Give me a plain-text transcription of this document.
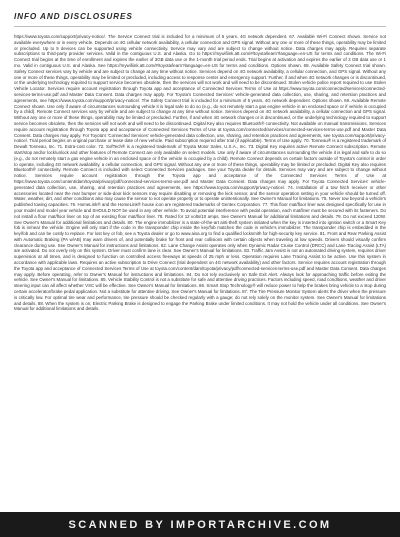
INFO AND DISCLOSURES

https://www.toyota.com/support/privacy-notice/. The Service Connect trial is included for a minimum of 5 years. 4G network dependent. 67. Available Wi-Fi Connect shown. Service not available everywhere or in every vehicle. Depends on 4G cellular network availability, a cellular connection and GPS signal. Without any one or more of these things, operability may be limited or precluded. Up to 5 devices can be supported using vehicle connectivity. Service may vary and are subject to change without notice. Data charges may apply. Requires separate subscriptions to third-party provider services. Valid in the contiguous U.S. and Alaska. Go to https://mywifiink.att.com/#/toyota/learn?language=en-US for terms and conditions. The Wi-Fi Connect trial begins at the time of enrollment and expires the earlier of 3GB data use or the 1-month trial period ends. Trial begins at activation and expires the earlier of 3 GB data use or 1 mo. Valid in contiguous U.S. and Alaska. See https://mywifiink.att.com/#/toyota/learn?language=en-US for terms and conditions. Options shown. 68. Available Safety Connect trial shown. Safety Connect services vary by vehicle and are subject to change at any time without notice. Services depend on 4G network availability, a cellular connection, and GPS signal. Without any one or more of these things, operability may be limited or precluded, including access to response center and emergency support. Further, if and when 4G network changes or is discontinued, or the underlying technology required to support service becomes obsolete, then the services will not work and will need to be discontinued. Stolen vehicle police report required to use Stolen Vehicle Locator. Services require account registration through Toyota app and acceptance of Connected Services Terms of Use at https://www.toyota.com/connected/services/connected-services-terms-use.pdf and Master Data Consent. Data charges may apply. For Toyota's Connected Services' vehicle-generated data collection, use, sharing, and retention practices and agreements, see https://www.toyota.com/support/privacy-notice/. The Safety Connect trial is included for a minimum of 5 years, 4G network dependent. Options shown. 69. Available Remote Connect shown. Use only if aware of circumstances surrounding vehicle it is legal safe to do so (e.g., do not remotely start a gas engine vehicle in an enclosed space or if vehicle is occupied by a child). Remote Connect services vary by vehicle and are subject to change at any time without notice. Services depend on 4G network availability, a cellular connection and GPS signal. Without any one or more of these things, operability may be limited or precluded. Further, if and when 4G network changes or is discontinued, or the underlying technology required to support service becomes obsolete, then the services will not work and will need to be discontinued. Digital Key also requires Bluetooth® connectivity. Not available on manual transmissions. Services require account registration through Toyota app and acceptance of Connected Services Terms of Use at toyota.com/connected/services/connected-services-terms-use.pdf and Master Data Consent. Data charges may apply. For Toyota's 'Connected Services' vehicle-generated data collection, use, sharing, and retention practices and agreements, see toyota.com/support/privacy-notice/. Trial period begins on original purchase or lease date of new vehicle. Paid subscription required after trial (if applicable). Terms of Use apply. 70. Tonneau® is a registered trademark of Dewalt Tonneau, Inc. 71. Extra-cost color. 72. SofTech® is a registered trademark of Toyota Motor Sales, U.S.A., Inc. 73. Digital Key requires active Remote Connect subscription. Remote start/stop and/or lock/unlock and other features of Remote Connect are only available on select models. Use only if aware of circumstances surrounding the vehicle it is legal and safe to do so (e.g., do not remotely start a gas engine vehicle in an enclosed space or if the vehicle is occupied by a child). Remote Connect depends on certain factors outside of Toyota's control in order to operate, including 4G network availability, a cellular connection, and GPS signal. Without any one or more of these things, operability may be limited or precluded. Digital Key also requires Bluetooth® connectivity. Remote Connect is included with select Connected Services packages. See your Toyota dealer for details. Services may vary and are subject to change without notice. Services require account registration through the Toyota app and acceptance of the Connected Services Terms of Use at https://www.toyota.com/content/dam/toyota/privacy/pdf/connected-services-terms-use.pdf and Master Data Consent. Data charges may apply. For Toyota Connected Services' vehicle-generated data collection, use, sharing, and retention practices and agreements, see https://www.toyota.com/support/privacy-notice/. 74. Installation of a tow hitch receiver or other accessories located near the rear bumper or side-door kick sensors may require disabling or removing the kick sensor, and the sensor operation setting in your vehicle should be turned off. Water, weather, dirt, and other conditions also may cause the sensor to not operate properly or to operate unintentionally. See Owner's Manual for limitations. 75. Never tow beyond a vehicle's published towing capacities. 76. HomeLink® and the HomeLink® house icon are registered trademarks of Gentex Corporation. 77. This floor mat/floor liner was designed specifically for use in your model and model year vehicle and SHOULD NOT be used in any other vehicle. To avoid potential interference with pedal operation, each mat/liner must be secured with its fasteners. Do not install a floor mat/floor liner on top of an existing floor mat/floor liner. 78. Rated for 12 volts/10 amps. See Owner's Manual for additional limitations and details. 79. Do not exceed 120W. See Owner's Manual for additional limitations and details. 80. The engine immobilizer is a state-of-the-art anti-theft system initiated when the key is inserted into ignition switch or a Smart Key fob is in/near the vehicle. Engine will only start if the code in the transponder chip inside the key/fob matches the code in vehicle's immobilizer. The transponder chip is embedded in the key/fob and can be costly to replace. For lost key or fob, see a Toyota dealer or go to www.aisa.org to find a qualified locksmith for high-security key service. 81. Front and Rear Parking Assist with Automatic Braking (PA w/AB) may warn drivers of, and potentially brake for front and rear collisions with certain objects when traveling at low speeds. Drivers should visually confirm clearance during use. See Owner's Manual for instructions and limitations. 82. Lane Change Assist operates only when Dynamic Radar Cruise Control (DRCC) and Lane Tracing Assist (LTA) are activated. Do not overly rely on this system. Driver must confirm lane is clear. See Owner's Manual for limitations. 83. Traffic Jam Assist is not an automated driving system, requires driver supervision at all times, and is designed to function on controlled access freeways at speeds of 25 mph or less. Operation requires Lane Tracing Assist to be active. Use this system in accordance with applicable laws. Requires an active subscription to Drive Connect (trial dependent on 4G network availability) and other factors. Service requires account registration through the Toyota app and acceptance of Connected Services Terms of Use at toyota.com/content/dam/toyota/privacy/pdf/connected-services-terms-use.pdf and Master Data Consent. Data charges may apply. Before operating, refer to Owner's Manual for instructions and limitations. 84. Do not rely exclusively on Safe Exit Alert. Always look for approaching traffic before exiting the vehicle. See Owner's Manual for limitations. 85. Vehicle Stability Control is not a substitute for safe and attentive driving practices. Factors including speed, road conditions, weather and driver steering input can all affect whether VSC will be effective. See Owner's Manual for limitations. 86. Smart Stop Technology® will reduce power to help the brakes bring vehicle to a stop during certain accelerator/brake pedal application. Not a substitute for attentive driving. See Owner's Manual for limitations. 87. The Tire Pressure Monitor System alerts the driver when the pressure is critically low. For optimal tire wear and performance, tire pressure should be checked regularly with a gauge; do not rely solely on the monitor system. See Owner's Manual for limitations and details. 88. When the system is on, Electric Parking Brake is designed to engage the Parking Brake under limited conditions. It may not hold the vehicle under all conditions. See Owner's Manual for additional limitations and details.

SCANNED BY IMPORTARCHIVE.COM
